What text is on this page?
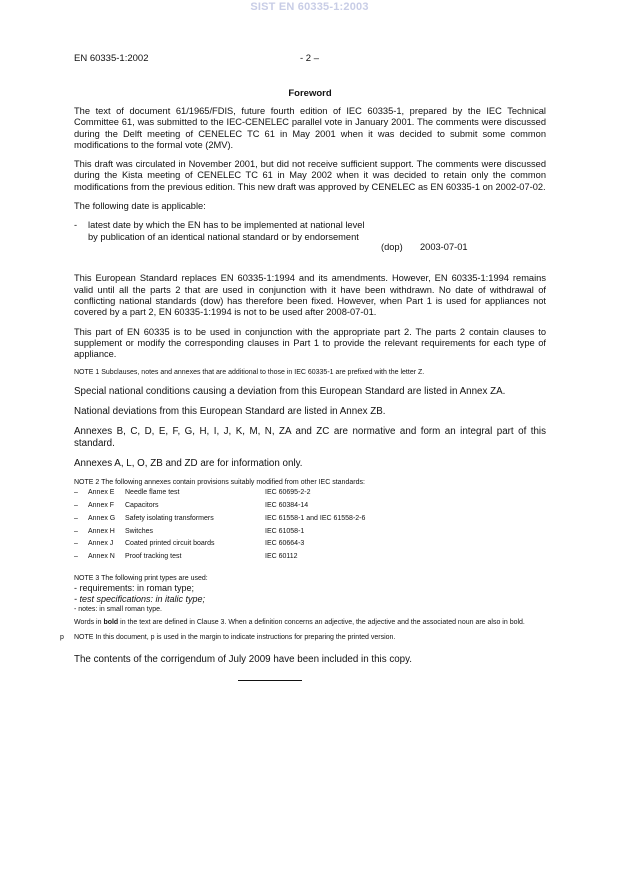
SIST EN 60335-1:2003
EN 60335-1:2002	- 2 –
Foreword

The text of document 61/1965/FDIS, future fourth edition of IEC 60335-1, prepared by the IEC Technical Committee 61, was submitted to the IEC-CENELEC parallel vote in January 2001. The comments were discussed during the Delft meeting of CENELEC TC 61 in May 2001 when it was decided to submit some common modifications to the formal vote (2MV).

This draft was circulated in November 2001, but did not receive sufficient support. The comments were discussed during the Kista meeting of CENELEC TC 61 in May 2002 when it was decided to retain only the common modifications from the previous edition. This new draft was approved by CENELEC as EN 60335-1 on 2002-07-02.

The following date is applicable:

- latest date by which the EN has to be implemented at national level by publication of an identical national standard or by endorsement
(dop) 2003-07-01

This European Standard replaces EN 60335-1:1994 and its amendments. However, EN 60335-1:1994 remains valid until all the parts 2 that are used in conjunction with it have been withdrawn. No date of withdrawal of conflicting national standards (dow) has therefore been fixed. However, when Part 1 is used for appliances not covered by a part 2, EN 60335-1:1994 is not to be used after 2008-07-01.

This part of EN 60335 is to be used in conjunction with the appropriate part 2. The parts 2 contain clauses to supplement or modify the corresponding clauses in Part 1 to provide the relevant requirements for each type of appliance.

NOTE 1 Subclauses, notes and annexes that are additional to those in IEC 60335-1 are prefixed with the letter Z.

Special national conditions causing a deviation from this European Standard are listed in Annex ZA.

National deviations from this European Standard are listed in Annex ZB.

Annexes B, C, D, E, F, G, H, I, J, K, M, N, ZA and ZC are normative and form an integral part of this standard.

Annexes A, L, O, ZB and ZD are for information only.

NOTE 2 The following annexes contain provisions suitably modified from other IEC standards:

–	Annex E	Needle flame test	IEC 60695-2-2
–	Annex F	Capacitors	IEC 60384-14
–	Annex G	Safety isolating transformers	IEC 61558-1 and IEC 61558-2-6
–	Annex H	Switches	IEC 61058-1
–	Annex J	Coated printed circuit boards	IEC 60664-3
–	Annex N	Proof tracking test	IEC 60112

NOTE 3 The following print types are used:

- requirements: in roman type;

- test specifications: in italic type;

- notes: in small roman type.

Words in bold in the text are defined in Clause 3. When a definition concerns an adjective, the adjective and the associated noun are also in bold.

p NOTE In this document, p is used in the margin to indicate instructions for preparing the printed version.

The contents of the corrigendum of July 2009 have been included in this copy.
